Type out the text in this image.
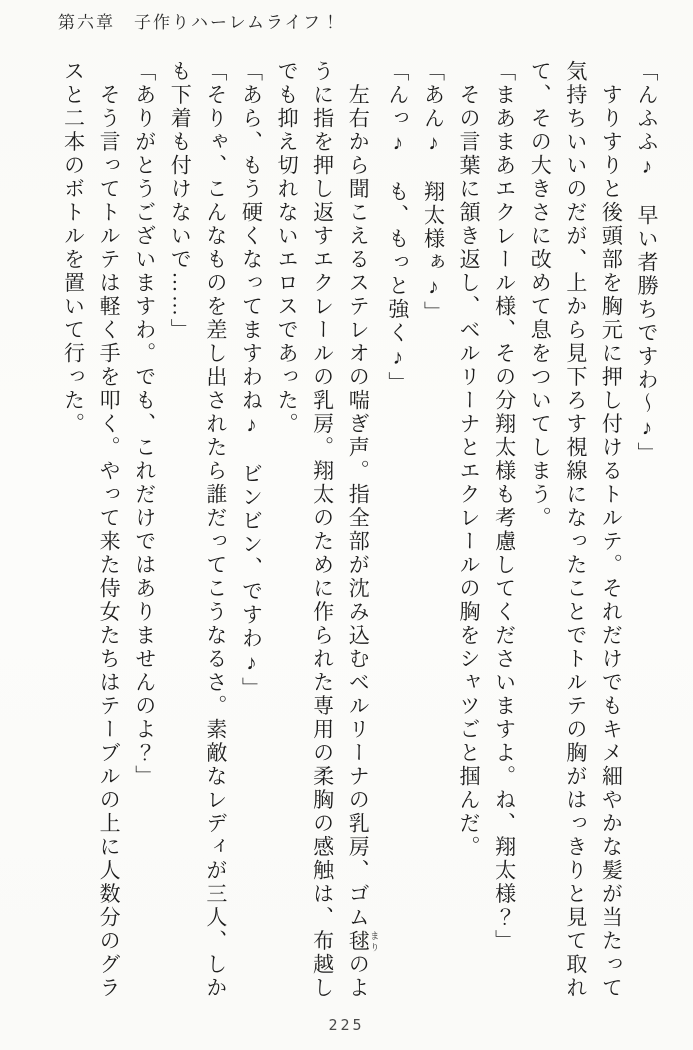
第六章　子作りハーレムライフ！
「んふふ♪　早い者勝ちですわ～♪」
　すりすりと後頭部を胸元に押し付けるトルテ。それだけでもキメ細やかな髪が当たって
気持ちいいのだが、上から見下ろす視線になったことでトルテの胸がはっきりと見て取れ
て、その大きさに改めて息をついてしまう。
「まあまあエクレール様、その分翔太様も考慮してくださいますよ。ね、翔太様？」
　その言葉に頷き返し、ベルリーナとエクレールの胸をシャツごと掴んだ。
「あん♪　翔太様ぁ♪」
「んっ♪　も、もっと強く♪」
　左右から聞こえるステレオの喘ぎ声。指全部が沈み込むベルリーナの乳房、ゴム毬 まりのよ
うに指を押し返すエクレールの乳房。翔太のために作られた専用の柔胸の感触は、布越し
でも抑え切れないエロスであった。
「あら、もう硬くなってますわね♪　ビンビン、ですわ♪」
「そりゃ、こんなものを差し出されたら誰だってこうなるさ。素敵なレディが三人、しか
も下着も付けないで……」
「ありがとうございますわ。でも、これだけではありませんのよ？」
　そう言ってトルテは軽く手を叩く。やって来た侍女たちはテーブルの上に人数分のグラ
スと二本のボトルを置いて行った。
225
